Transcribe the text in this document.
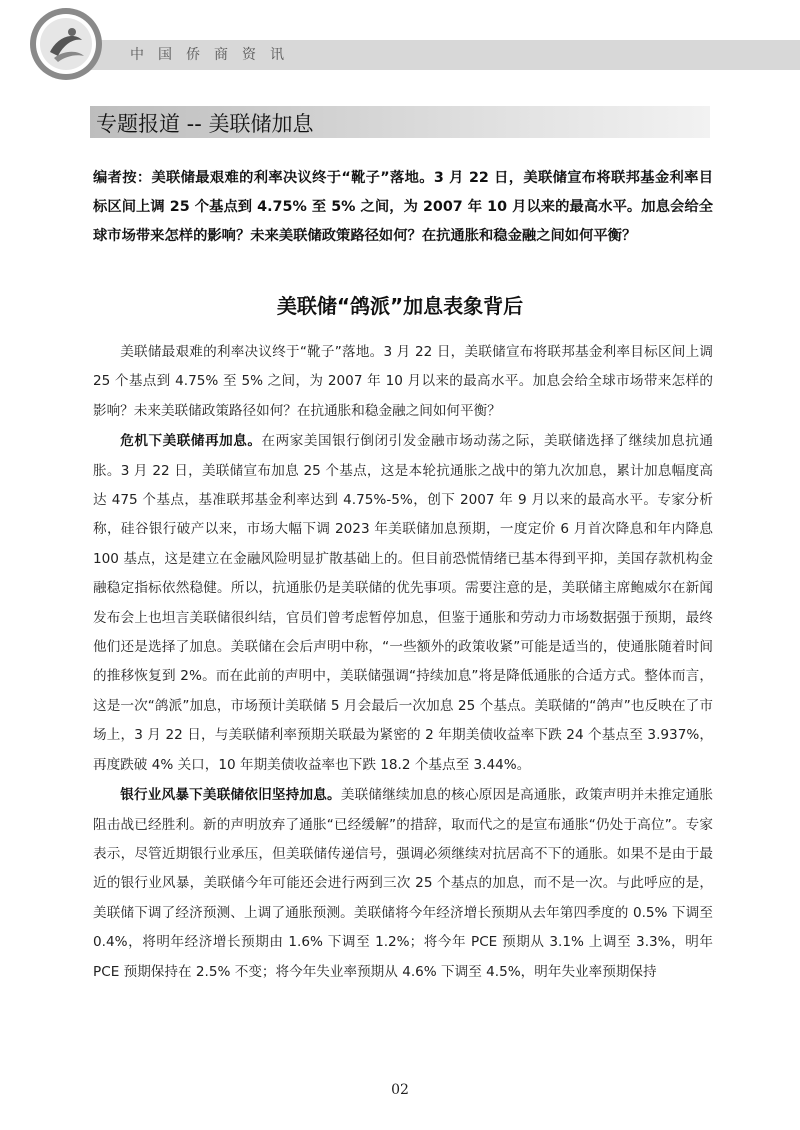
中国侨商资讯
专题报道 -- 美联储加息
编者按：美联储最艰难的利率决议终于“靴子”落地。3 月 22 日，美联储宣布将联邦基金利率目标区间上调 25 个基点到 4.75% 至 5% 之间，为 2007 年 10 月以来的最高水平。加息会给全球市场带来怎样的影响？未来美联储政策路径如何？在抗通胀和稳金融之间如何平衡？
美联储“鸽派”加息表象背后

美联储最艰难的利率决议终于“靴子”落地。3 月 22 日，美联储宣布将联邦基金利率目标区间上调 25 个基点到 4.75% 至 5% 之间，为 2007 年 10 月以来的最高水平。加息会给全球市场带来怎样的影响？未来美联储政策路径如何？在抗通胀和稳金融之间如何平衡？

危机下美联储再加息。在两家美国银行倒闭引发金融市场动荡之际，美联储选择了继续加息抗通胀。3 月 22 日，美联储宣布加息 25 个基点，这是本轮抗通胀之战中的第九次加息，累计加息幅度高达 475 个基点，基准联邦基金利率达到 4.75%-5%，创下 2007 年 9 月以来的最高水平。专家分析称，硅谷银行破产以来，市场大幅下调 2023 年美联储加息预期，一度定价 6 月首次降息和年内降息 100 基点，这是建立在金融风险明显扩散基础上的。但目前恐慌情绪已基本得到平抑，美国存款机构金融稳定指标依然稳健。所以，抗通胀仍是美联储的优先事项。需要注意的是，美联储主席鲍威尔在新闻发布会上也坦言美联储很纠结，官员们曾考虑暂停加息，但鉴于通胀和劳动力市场数据强于预期，最终他们还是选择了加息。美联储在会后声明中称，“一些额外的政策收紧”可能是适当的，使通胀随着时间的推移恢复到 2%。而在此前的声明中，美联储强调“持续加息”将是降低通胀的合适方式。整体而言，这是一次“鸽派”加息，市场预计美联储 5 月会最后一次加息 25 个基点。美联储的“鸽声”也反映在了市场上，3 月 22 日，与美联储利率预期关联最为紧密的 2 年期美债收益率下跌 24 个基点至 3.937%，再度跌破 4% 关口，10 年期美债收益率也下跌 18.2 个基点至 3.44%。

银行业风暴下美联储依旧坚持加息。美联储继续加息的核心原因是高通胀，政策声明并未推定通胀阻击战已经胜利。新的声明放弃了通胀“已经缓解”的措辞，取而代之的是宣布通胀“仍处于高位”。专家表示，尽管近期银行业承压，但美联储传递信号，强调必须继续对抗居高不下的通胀。如果不是由于最近的银行业风暴，美联储今年可能还会进行两到三次 25 个基点的加息，而不是一次。与此呼应的是，美联储下调了经济预测、上调了通胀预测。美联储将今年经济增长预期从去年第四季度的 0.5% 下调至 0.4%，将明年经济增长预期由 1.6% 下调至 1.2%；将今年 PCE 预期从 3.1% 上调至 3.3%，明年 PCE 预期保持在 2.5% 不变；将今年失业率预期从 4.6% 下调至 4.5%，明年失业率预期保持

02
